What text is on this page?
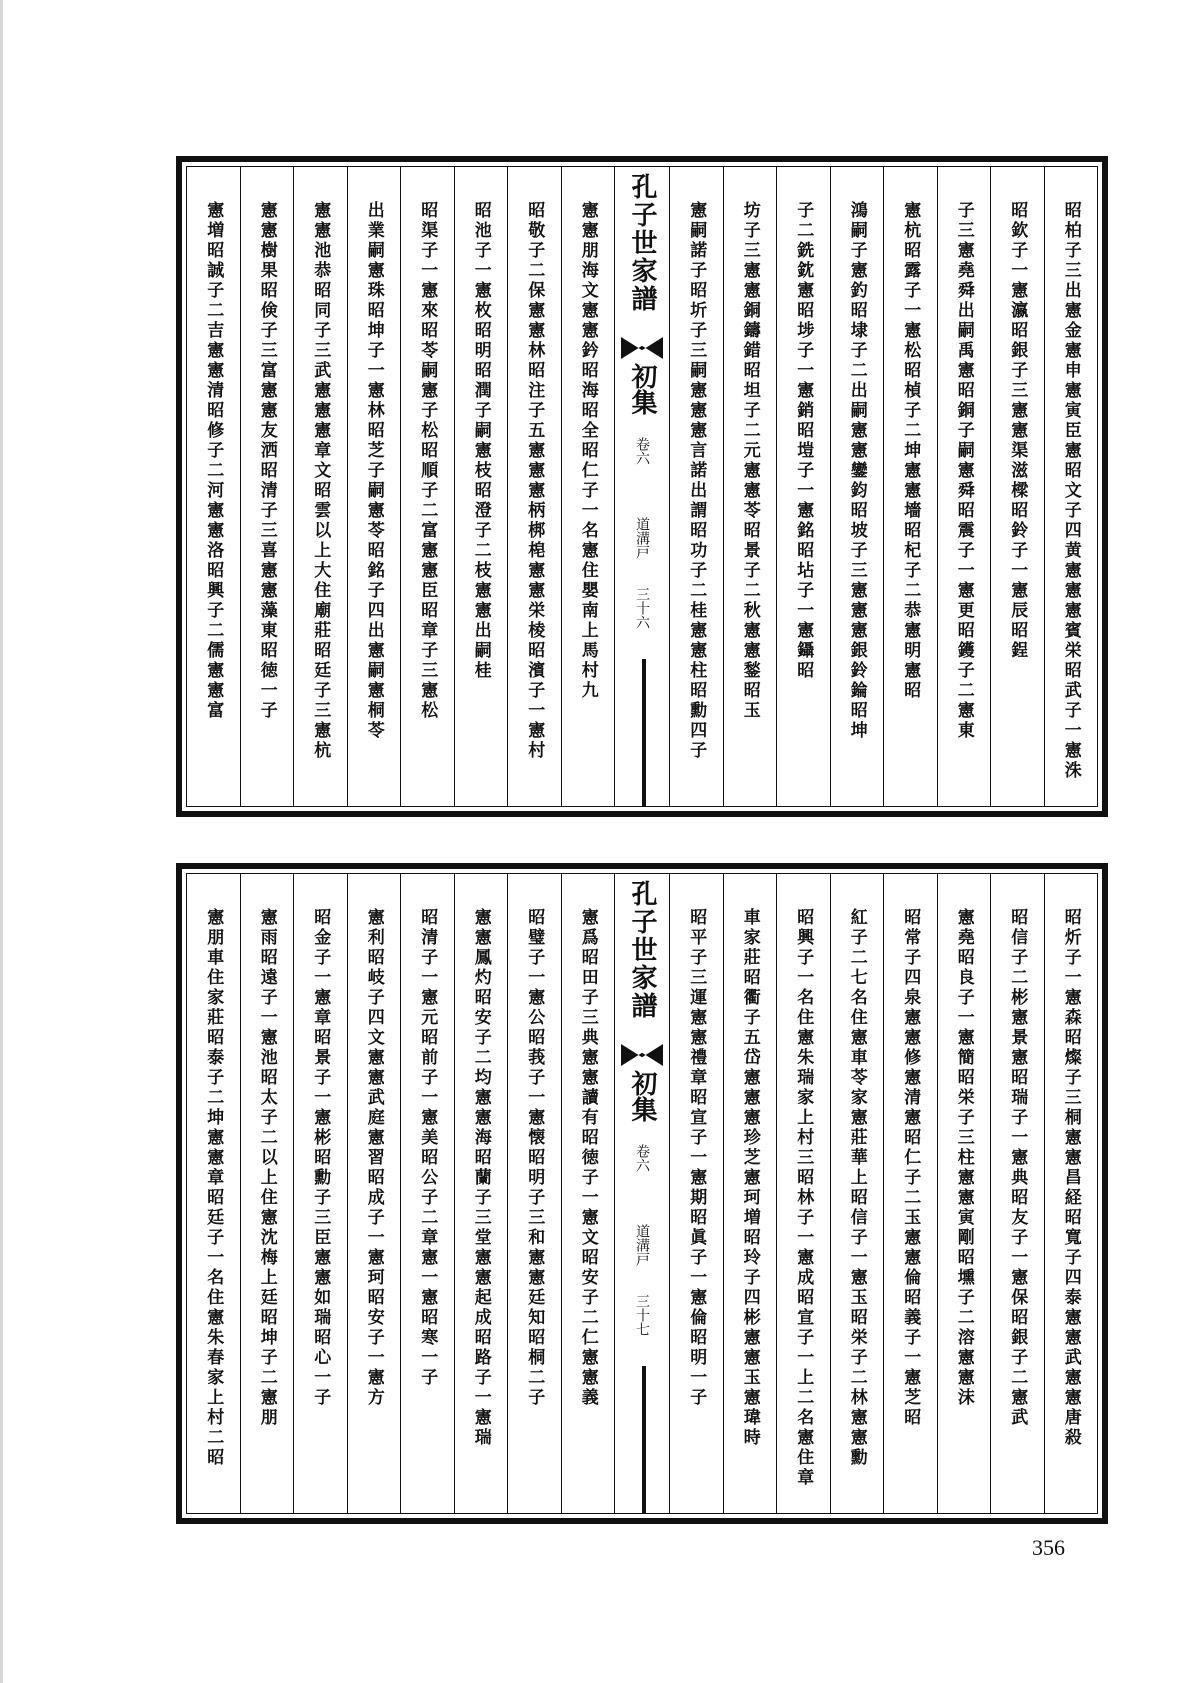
昭柏子三出憲金憲申憲寅臣憲昭文子四黄憲憲憲賓栄昭武子一憲洙
昭欽子一憲瀛昭銀子三憲憲渠滋樑昭鈴子一憲辰昭鋥
子三憲堯舜出嗣禹憲昭銅子嗣憲舜昭震子一憲更昭鑊子二憲東
憲杭昭露子一憲松昭楨子二坤憲憲墻昭杞子二恭憲明憲昭
鴻嗣子憲釣昭埭子二出嗣憲憲鑾鈞昭坡子三憲憲憲銀鈴錀昭坤
子二銑鈂憲昭埗子一憲銷昭塏子一憲銘昭坫子一憲鑷昭
坊子三憲憲銅鑄錯昭坦子二元憲憲苓昭景子二秋憲憲鍫昭玉
憲嗣諾子昭圻子三嗣憲憲憲言諾出謂昭功子二桂憲憲柱昭勳四子
孔子世家譜
初集
卷六
道溝戸
三十六
憲憲朋海文憲憲鈐昭海昭全昭仁子一名憲住嬰南上馬村九
昭敬子二保憲憲林昭注子五憲憲憲柄梆梍憲憲栄棱昭濱子一憲村
昭池子一憲枚昭明昭潤子嗣憲枝昭澄子二枝憲憲出嗣桂
昭渠子一憲來昭苓嗣憲子松昭順子二富憲憲臣昭章子三憲松
出業嗣憲珠昭坤子一憲林昭芝子嗣憲苓昭銘子四出憲嗣憲桐苓
憲憲池恭昭同子三武憲憲憲章文昭雲以上大住廟莊昭廷子三憲杭
憲憲樹果昭倹子三富憲憲友洒昭清子三喜憲憲藻東昭徳一子
憲増昭誠子二吉憲憲清昭修子二河憲憲洛昭興子二儒憲憲富
昭炘子一憲森昭燦子三桐憲憲昌経昭寬子四泰憲憲武憲憲唐殺
昭信子二彬憲景憲昭瑞子一憲典昭友子一憲保昭銀子二憲武
憲堯昭良子一憲簡昭栄子三柱憲憲寅剛昭壎子二溶憲憲沫
昭常子四泉憲憲修憲清憲昭仁子二玉憲憲倫昭義子一憲芝昭
紅子二七名住憲車苓家憲莊華上昭信子一憲玉昭栄子二林憲憲勳
昭興子一名住憲朱瑞家上村三昭林子一憲成昭宣子一上二名憲住章
車家莊昭衢子五岱憲憲憲珍芝憲珂増昭玲子四彬憲憲玉憲瑋時
昭平子三運憲憲禮章昭宣子一憲期昭眞子一憲倫昭明一子
孔子世家譜
初集
卷六
道溝戸
三十七
憲爲昭田子三典憲憲讀有昭徳子一憲文昭安子二仁憲憲義
昭璧子一憲公昭莪子一憲懐昭明子三和憲憲廷知昭桐二子
憲憲鳳灼昭安子二均憲憲海昭蘭子三堂憲憲起成昭路子一憲瑞
昭清子一憲元昭前子一憲美昭公子二章憲一憲昭寒一子
憲利昭岐子四文憲憲武庭憲習昭成子一憲珂昭安子一憲方
昭金子一憲章昭景子一憲彬昭勳子三臣憲憲如瑞昭心一子
憲雨昭遠子一憲池昭太子二以上住憲沈梅上廷昭坤子二憲朋
憲朋車住家莊昭泰子二坤憲憲章昭廷子一名住憲朱春家上村二昭
356
